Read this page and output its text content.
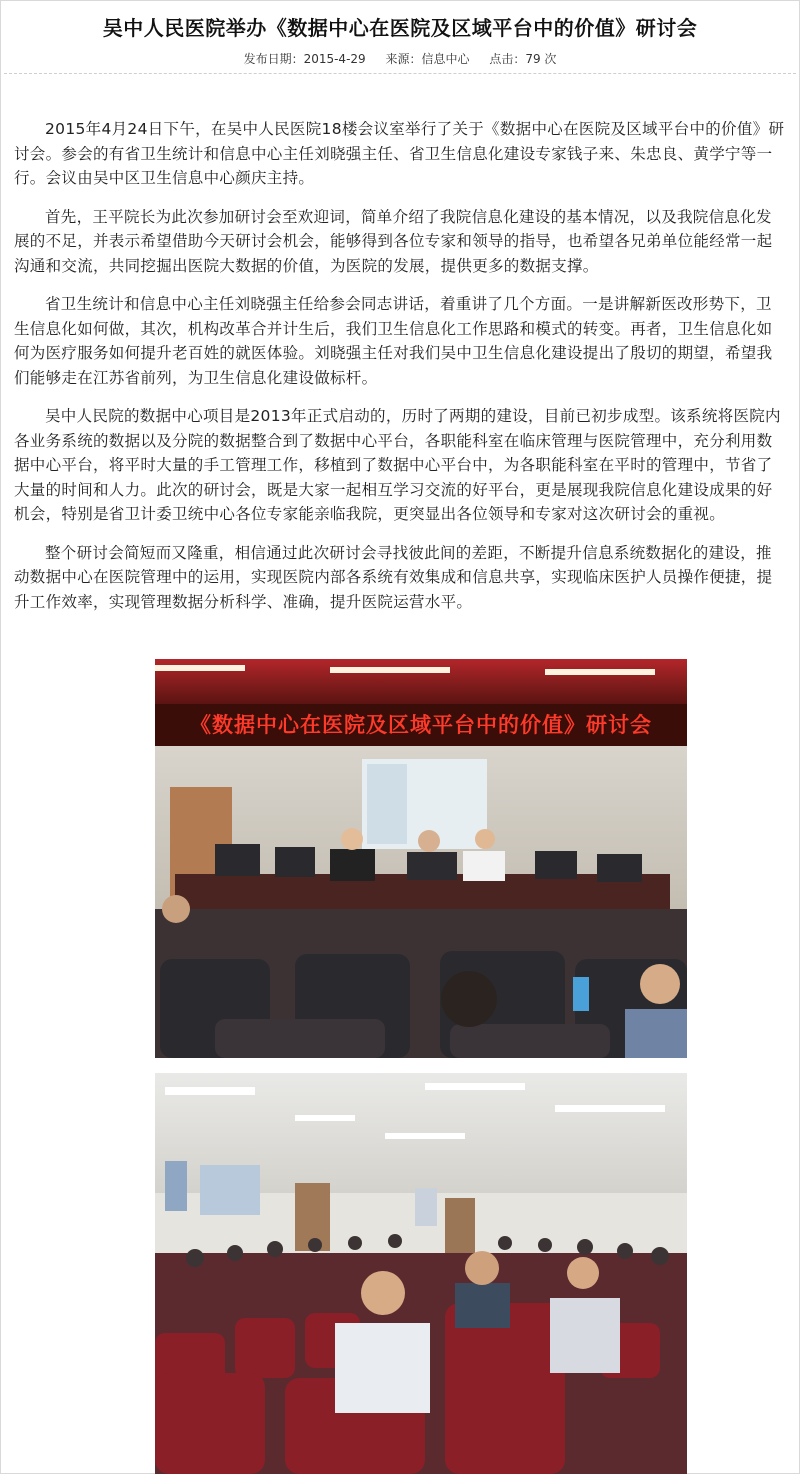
吴中人民医院举办《数据中心在医院及区域平台中的价值》研讨会
发布日期：2015-4-29 来源：信息中心 点击：79 次

2015年4月24日下午，在吴中人民医院18楼会议室举行了关于《数据中心在医院及区域平台中的价值》研讨会。参会的有省卫生统计和信息中心主任刘晓强主任、省卫生信息化建设专家钱子来、朱忠良、黄学宁等一行。会议由吴中区卫生信息中心颜庆主持。

首先，王平院长为此次参加研讨会至欢迎词，简单介绍了我院信息化建设的基本情况，以及我院信息化发展的不足，并表示希望借助今天研讨会机会，能够得到各位专家和领导的指导，也希望各兄弟单位能经常一起沟通和交流，共同挖掘出医院大数据的价值，为医院的发展，提供更多的数据支撑。

省卫生统计和信息中心主任刘晓强主任给参会同志讲话，着重讲了几个方面。一是讲解新医改形势下，卫生信息化如何做，其次，机构改革合并计生后，我们卫生信息化工作思路和模式的转变。再者，卫生信息化如何为医疗服务如何提升老百姓的就医体验。刘晓强主任对我们吴中卫生信息化建设提出了殷切的期望，希望我们能够走在江苏省前列，为卫生信息化建设做标杆。

吴中人民院的数据中心项目是2013年正式启动的，历时了两期的建设，目前已初步成型。该系统将医院内各业务系统的数据以及分院的数据整合到了数据中心平台，各职能科室在临床管理与医院管理中，充分利用数据中心平台，将平时大量的手工管理工作，移植到了数据中心平台中，为各职能科室在平时的管理中，节省了大量的时间和人力。此次的研讨会，既是大家一起相互学习交流的好平台，更是展现我院信息化建设成果的好机会，特别是省卫计委卫统中心各位专家能亲临我院，更突显出各位领导和专家对这次研讨会的重视。

整个研讨会简短而又隆重，相信通过此次研讨会寻找彼此间的差距，不断提升信息系统数据化的建设，推动数据中心在医院管理中的运用，实现医院内部各系统有效集成和信息共享，实现临床医护人员操作便捷，提升工作效率，实现管理数据分析科学、准确，提升医院运营水平。

《数据中心在医院及区域平台中的价值》研讨会
